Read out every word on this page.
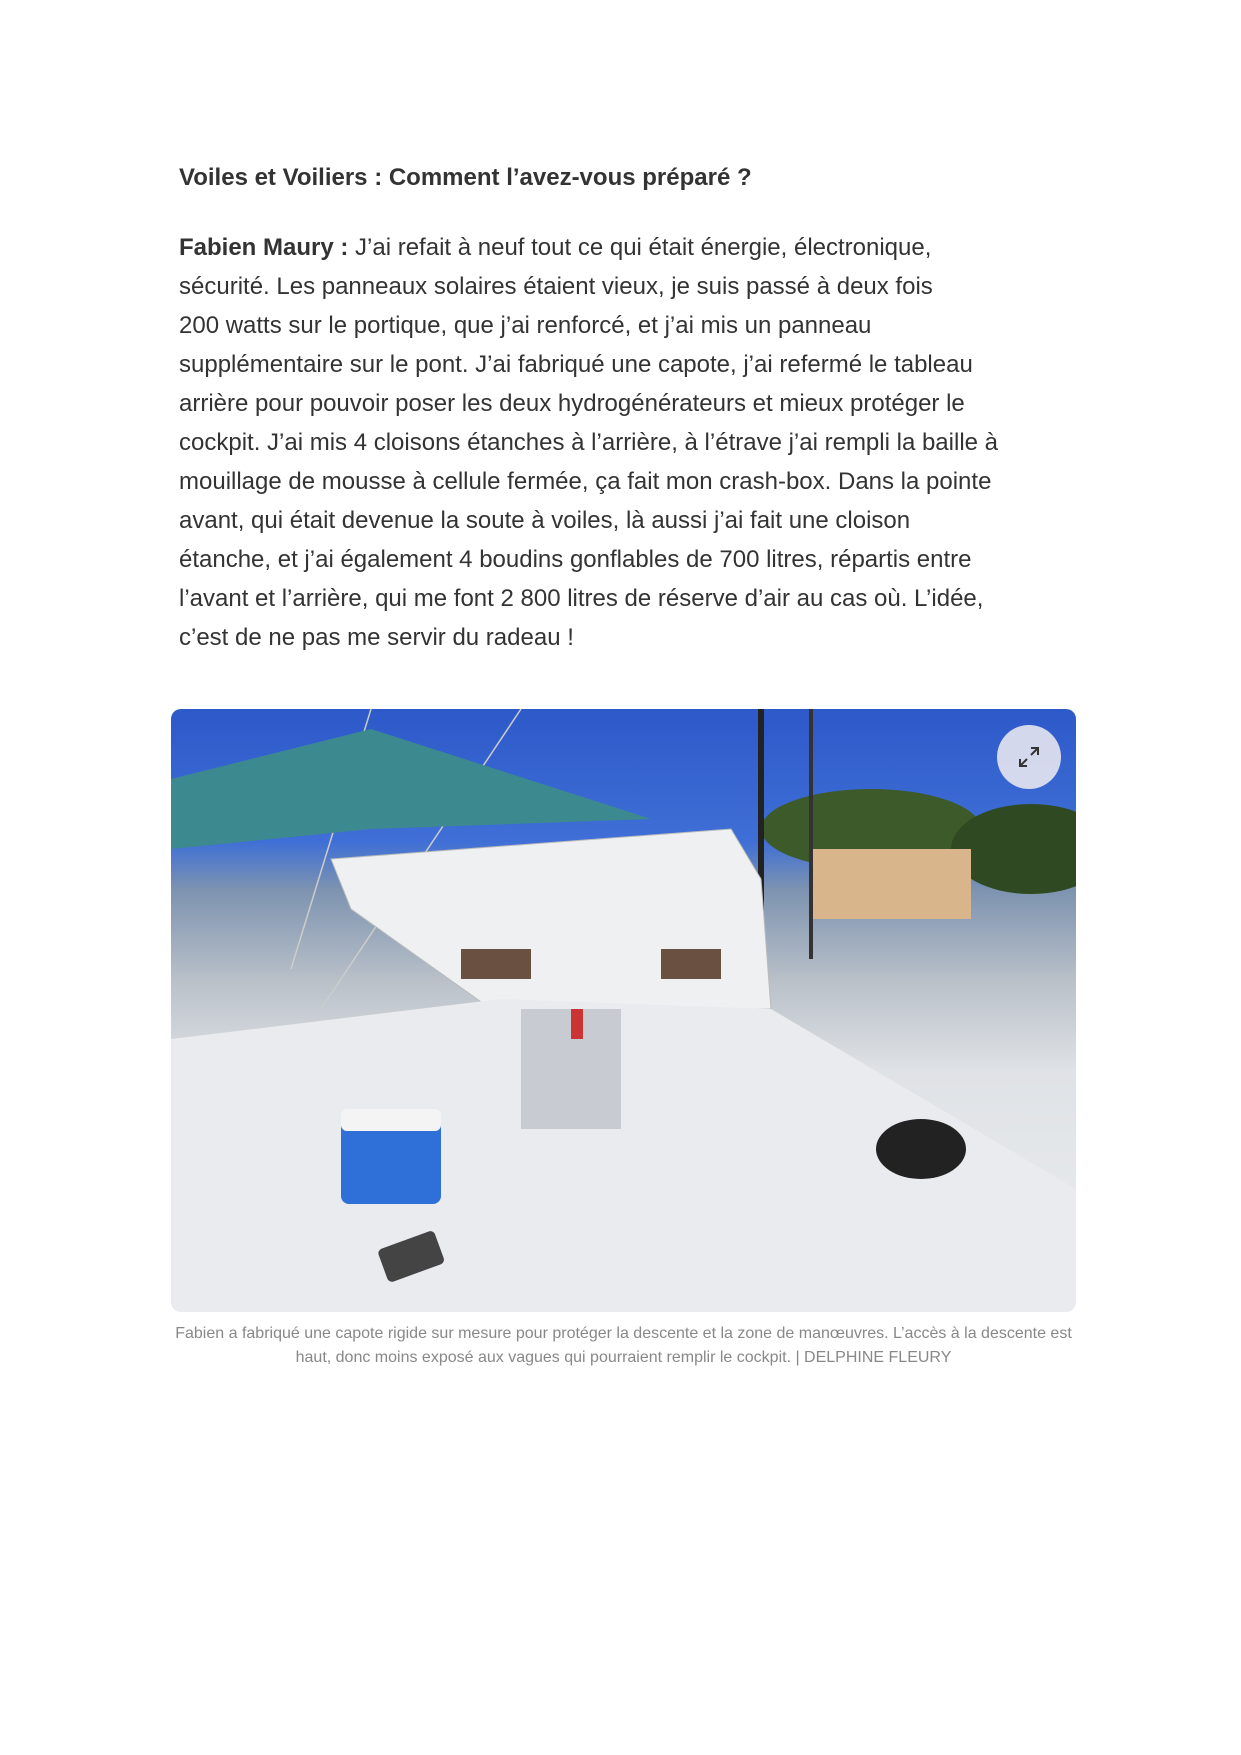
Voiles et Voiliers : Comment l’avez-vous préparé ?

Fabien Maury : J’ai refait à neuf tout ce qui était énergie, électronique,
sécurité. Les panneaux solaires étaient vieux, je suis passé à deux fois
200 watts sur le portique, que j’ai renforcé, et j’ai mis un panneau
supplémentaire sur le pont. J’ai fabriqué une capote, j’ai refermé le tableau
arrière pour pouvoir poser les deux hydrogénérateurs et mieux protéger le
cockpit. J’ai mis 4 cloisons étanches à l’arrière, à l’étrave j’ai rempli la baille à
mouillage de mousse à cellule fermée, ça fait mon crash-box. Dans la pointe
avant, qui était devenue la soute à voiles, là aussi j’ai fait une cloison
étanche, et j’ai également 4 boudins gonflables de 700 litres, répartis entre
l’avant et l’arrière, qui me font 2 800 litres de réserve d’air au cas où. L’idée,
c’est de ne pas me servir du radeau !

Fabien a fabriqué une capote rigide sur mesure pour protéger la descente et la zone de manœuvres. L’accès à la descente est haut, donc moins exposé aux vagues qui pourraient remplir le cockpit. | DELPHINE FLEURY
